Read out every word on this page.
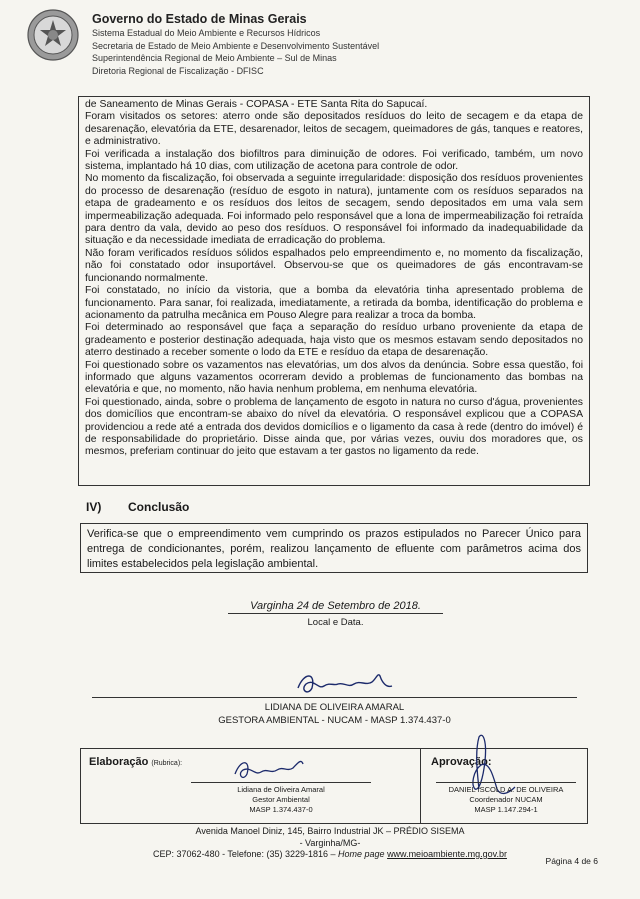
Governo do Estado de Minas Gerais
Sistema Estadual do Meio Ambiente e Recursos Hídricos
Secretaria de Estado de Meio Ambiente e Desenvolvimento Sustentável
Superintendência Regional de Meio Ambiente – Sul de Minas
Diretoria Regional de Fiscalização - DFISC

de Saneamento de Minas Gerais - COPASA - ETE Santa Rita do Sapucaí.

Foram visitados os setores: aterro onde são depositados resíduos do leito de secagem e da etapa de desarenação, elevatória da ETE, desarenador, leitos de secagem, queimadores de gás, tanques e reatores, e administrativo.

Foi verificada a instalação dos biofiltros para diminuição de odores. Foi verificado, também, um novo sistema, implantado há 10 dias, com utilização de acetona para controle de odor.

No momento da fiscalização, foi observada a seguinte irregularidade: disposição dos resíduos provenientes do processo de desarenação (resíduo de esgoto in natura), juntamente com os resíduos separados na etapa de gradeamento e os resíduos dos leitos de secagem, sendo depositados em uma vala sem impermeabilização adequada. Foi informado pelo responsável que a lona de impermeabilização foi retraída para dentro da vala, devido ao peso dos resíduos. O responsável foi informado da inadequabilidade da situação e da necessidade imediata de erradicação do problema.

Não foram verificados resíduos sólidos espalhados pelo empreendimento e, no momento da fiscalização, não foi constatado odor insuportável. Observou-se que os queimadores de gás encontravam-se funcionando normalmente.

Foi constatado, no início da vistoria, que a bomba da elevatória tinha apresentado problema de funcionamento. Para sanar, foi realizada, imediatamente, a retirada da bomba, identificação do problema e acionamento da patrulha mecânica em Pouso Alegre para realizar a troca da bomba.

Foi determinado ao responsável que faça a separação do resíduo urbano proveniente da etapa de gradeamento e posterior destinação adequada, haja visto que os mesmos estavam sendo depositados no aterro destinado a receber somente o lodo da ETE e resíduo da etapa de desarenação.

Foi questionado sobre os vazamentos nas elevatórias, um dos alvos da denúncia. Sobre essa questão, foi informado que alguns vazamentos ocorreram devido a problemas de funcionamento das bombas na elevatória e que, no momento, não havia nenhum problema, em nenhuma elevatória.

Foi questionado, ainda, sobre o problema de lançamento de esgoto in natura no curso d'água, provenientes dos domicílios que encontram-se abaixo do nível da elevatória. O responsável explicou que a COPASA providenciou a rede até a entrada dos devidos domicílios e o ligamento da casa à rede (dentro do imóvel) é de responsabilidade do proprietário. Disse ainda que, por várias vezes, ouviu dos moradores que, os mesmos, preferiam continuar do jeito que estavam a ter gastos no ligamento da rede.

IV) Conclusão
Verifica-se que o empreendimento vem cumprindo os prazos estipulados no Parecer Único para entrega de condicionantes, porém, realizou lançamento de efluente com parâmetros acima dos limites estabelecidos pela legislação ambiental.
Varginha 24 de Setembro de 2018.
Local e Data.
LIDIANA DE OLIVEIRA AMARAL
GESTORA AMBIENTAL - NUCAM - MASP 1.374.437-0
Elaboração (Rubrica):
Lidiana de Oliveira Amaral
Gestor Ambiental
MASP 1.374.437-0
Aprovação:
DANIEL ISCOLD A. DE OLIVEIRA
Coordenador NUCAM
MASP 1.147.294-1
Avenida Manoel Diniz, 145, Bairro Industrial JK – PRÉDIO SISEMA
- Varginha/MG-
CEP: 37062-480 - Telefone: (35) 3229-1816 – Home page www.meioambiente.mg.gov.br
Página 4 de 6
